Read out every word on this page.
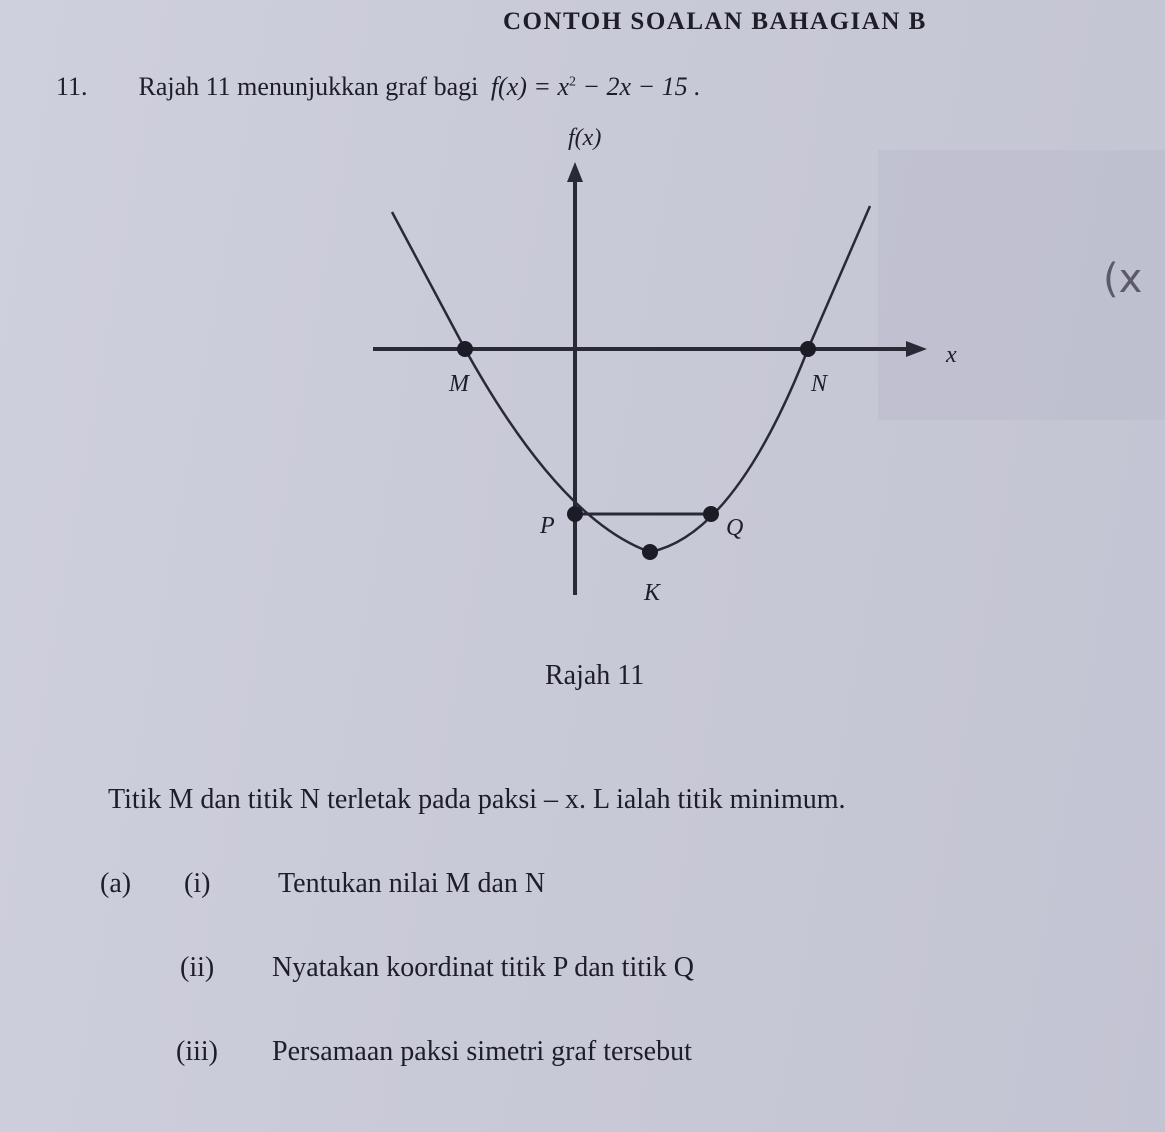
CONTOH SOALAN BAHAGIAN B
11. Rajah 11 menunjukkan graf bagi $f(x) = x^2 - 2x - 15$ .
f(x)
x
M	N
P	Q
K
Rajah 11
Titik M dan titik N terletak pada paksi – x. L ialah titik minimum.
(a) (i) Tentukan nilai M dan N
(ii) Nyatakan koordinat titik P dan titik Q
(iii) Persamaan paksi simetri graf tersebut
(x
